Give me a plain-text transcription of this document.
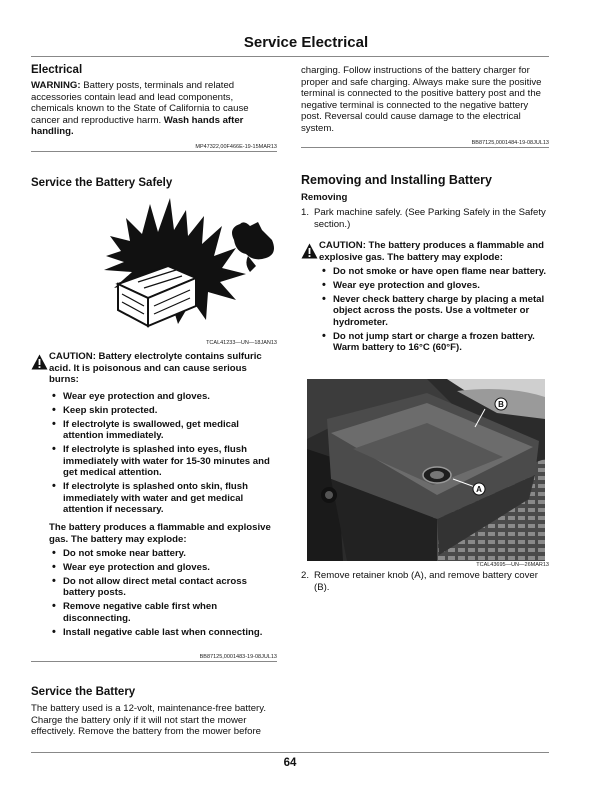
Service Electrical
Electrical
WARNING: Battery posts, terminals and related accessories contain lead and lead components, chemicals known to the State of California to cause cancer and reproductive harm. Wash hands after handling.
MP47322,00F466E-19-15MAR13
Service the Battery Safely
TCAL41233—UN—18JAN13
CAUTION: Battery electrolyte contains sulfuric acid. It is poisonous and can cause serious burns:
• Wear eye protection and gloves.
• Keep skin protected.
• If electrolyte is swallowed, get medical attention immediately.
• If electrolyte is splashed into eyes, flush immediately with water for 15-30 minutes and get medical attention.
• If electrolyte is splashed onto skin, flush immediately with water and get medical attention if necessary.
The battery produces a flammable and explosive gas. The battery may explode:
• Do not smoke near battery.
• Wear eye protection and gloves.
• Do not allow direct metal contact across battery posts.
• Remove negative cable first when disconnecting.
• Install negative cable last when connecting.
BB87125,0001483-19-08JUL13
Service the Battery
The battery used is a 12-volt, maintenance-free battery. Charge the battery only if it will not start the mower effectively. Remove the battery from the mower before
charging. Follow instructions of the battery charger for proper and safe charging. Always make sure the positive terminal is connected to the positive battery post and the negative terminal is connected to the negative battery post. Reversal could cause damage to the electrical system.
BB87125,0001484-19-08JUL13
Removing and Installing Battery
Removing
1. Park machine safely. (See Parking Safely in the Safety section.)
CAUTION: The battery produces a flammable and explosive gas. The battery may explode:
• Do not smoke or have open flame near battery.
• Wear eye protection and gloves.
• Never check battery charge by placing a metal object across the posts. Use a voltmeter or hydrometer.
• Do not jump start or charge a frozen battery. Warm battery to 16°C (60°F).
A
B
TCAL43695—UN—26MAR13
2. Remove retainer knob (A), and remove battery cover (B).
64
